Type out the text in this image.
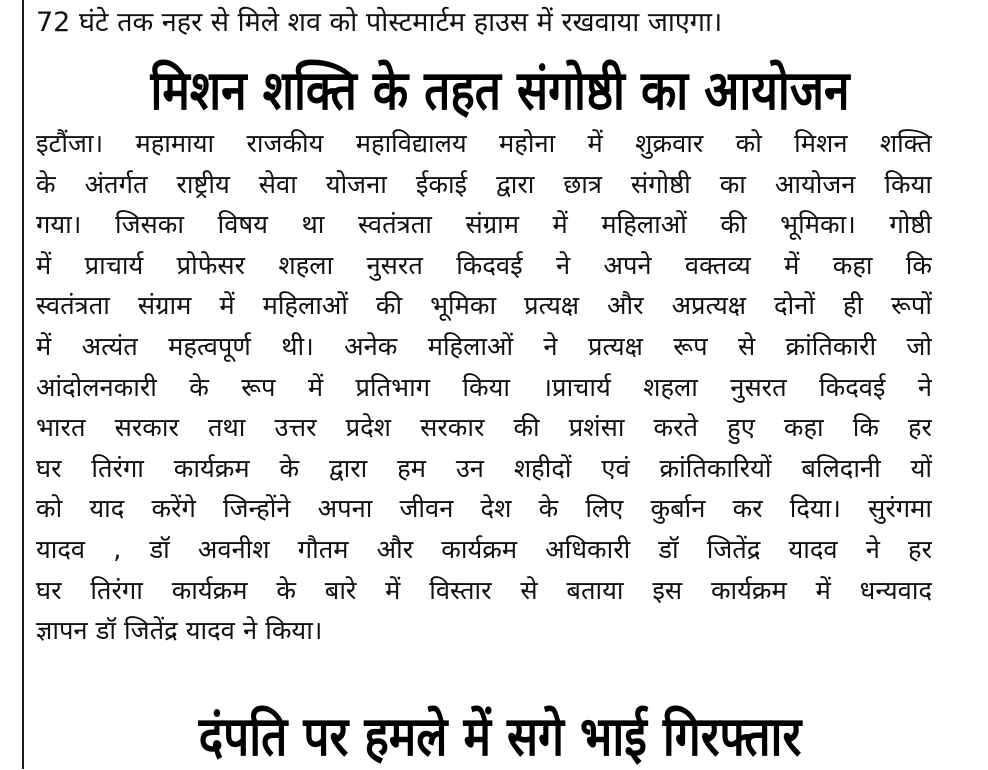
72 घंटे तक नहर से मिले शव को पोस्टमार्टम हाउस में रखवाया जाएगा।
मिशन शक्ति के तहत संगोष्ठी का आयोजन
इटौंजा। महामाया राजकीय महाविद्यालय महोना में शुक्रवार को मिशन शक्ति
के अंतर्गत राष्ट्रीय सेवा योजना ईकाई द्वारा छात्र संगोष्ठी का आयोजन किया
गया। जिसका विषय था स्वतंत्रता संग्राम में महिलाओं की भूमिका। गोष्ठी
में प्राचार्य प्रोफेसर शहला नुसरत किदवई ने अपने वक्तव्य में कहा कि
स्वतंत्रता संग्राम में महिलाओं की भूमिका प्रत्यक्ष और अप्रत्यक्ष दोनों ही रूपों
में अत्यंत महत्वपूर्ण थी। अनेक महिलाओं ने प्रत्यक्ष रूप से क्रांतिकारी जो
आंदोलनकारी के रूप में प्रतिभाग किया ।प्राचार्य शहला नुसरत किदवई ने
भारत सरकार तथा उत्तर प्रदेश सरकार की प्रशंसा करते हुए कहा कि हर
घर तिरंगा कार्यक्रम के द्वारा हम उन शहीदों एवं क्रांतिकारियों बलिदानी यों
को याद करेंगे जिन्होंने अपना जीवन देश के लिए कुर्बान कर दिया। सुरंगमा
यादव , डॉ अवनीश गौतम और कार्यक्रम अधिकारी डॉ जितेंद्र यादव ने हर
घर तिरंगा कार्यक्रम के बारे में विस्तार से बताया इस कार्यक्रम में धन्यवाद
ज्ञापन डॉ जितेंद्र यादव ने किया।
दंपति पर हमले में सगे भाई गिरफ्तार
